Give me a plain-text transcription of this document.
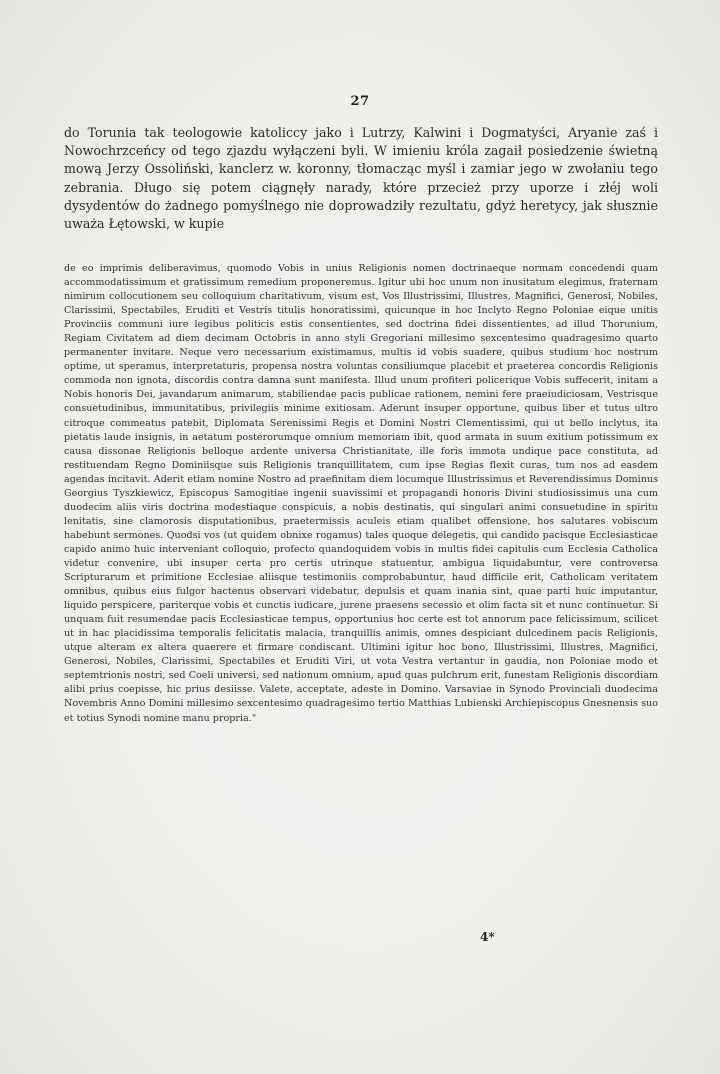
27

do Torunia tak teologowie katoliccy jako i Lutrzy, Kalwini i Dogmatyści, Aryanie zaś i Nowochrzceńcy od tego zjazdu wyłączeni byli. W imieniu króla zagaił posiedzenie świetną mową Jerzy Ossoliński, kanclerz w. koronny, tłomacząc myśl i zamiar jego w zwołaniu tego zebrania. Długo się potem ciągnęły narady, które przecież przy uporze i złéj woli dysydentów do żadnego pomyślnego nie doprowadziły rezultatu, gdyż heretycy, jak słusznie uważa Łętowski, w kupie

de eo imprimis deliberavimus, quomodo Vobis in unius Religionis nomen doctrinaeque normam concedendi quam accommodatissimum et gratissimum remedium proponeremus. Igitur ubi hoc unum non inusitatum elegimus, fraternam nimirum collocutionem seu colloquium charitativum, visum est, Vos Illustrissimi, Illustres, Magnifici, Generosi, Nobiles, Clarissimi, Spectabiles, Eruditi et Vestris titulis honoratissimi, quicunque in hoc Inclyto Regno Poloniae eique unitis Provinciis communi iure legibus politicis estis consentientes, sed doctrina fidei dissentientes, ad illud Thorunium, Regiam Civitatem ad diem decimam Octobris in anno styli Gregoriani millesimo sexcentesimo quadragesimo quarto permanenter invitare. Neque vero necessarium existimamus, multis id vobis suadere, quibus studium hoc nostrum optime, ut speramus, interpretaturis, propensa nostra voluntas consiliumque placebit et praeterea concordis Religionis commoda non ignota, discordis contra damna sunt manifesta. Illud unum profiteri policerique Vobis suffecerit, initam a Nobis honoris Dei, javandarum animarum, stabiliendae pacis publicae rationem, nemini fere praeiudiciosam, Vestrisque consuetudinibus, immunitatibus, privilegiis minime exitiosam. Aderunt insuper opportune, quibus liber et tutus ultro citroque commeatus patebit, Diplomata Serenissimi Regis et Domini Nostri Clementissimi, qui ut bello inclytus, ita pietatis laude insignis, in aetatum posterorumque omnium memoriam ibit, quod armata in suum exitium potissimum ex causa dissonae Religionis belloque ardente universa Christianitate, ille foris immota undique pace constituta, ad restituendam Regno Dominiisque suis Religionis tranquillitatem, cum ipse Regias flexit curas, tum nos ad easdem agendas incitavit. Aderit etiam nomine Nostro ad praefinitam diem locumque Illustrissimus et Reverendissimus Dominus Georgius Tyszkiewicz, Episcopus Samogitiae ingenii suavissimi et propagandi honoris Divini studiosissimus una cum duodecim aliis viris doctrina modestiaque conspicuis, a nobis destinatis, qui singulari animi consuetudine in spiritu lenitatis, sine clamorosis disputationibus, praetermissis aculeis etiam qualibet offensione, hos salutares vobiscum habebunt sermones. Quodsi vos (ut quidem obnixe rogamus) tales quoque delegetis, qui candido pacisque Ecclesiasticae capido animo huic interveniant colloquio, profecto quandoquidem vobis in multis fidei capitulis cum Ecclesia Catholica videtur convenire, ubi insuper certa pro certis utrinque statuentur, ambigua liquidabuntur, vere controversa Scripturarum et primitione Ecclesiae aliisque testimoniis comprobabuntur, haud difficile erit, Catholicam veritatem omnibus, quibus eius fulgor hactenus observari videbatur, depulsis et quam inania sint, quae parti huic imputantur, liquido perspicere, pariterque vobis et cunctis iudicare, jurene praesens secessio et olim facta sit et nunc continuetur. Si unquam fuit resumendae pacis Ecclesiasticae tempus, opportunius hoc certe est tot annorum pace felicissimum, scilicet ut in hac placidissima temporalis felicitatis malacia, tranquillis animis, omnes despiciant dulcedinem pacis Religionis, utque alteram ex altera quaerere et firmare condiscant. Ultimini igitur hoc bono, Illustrissimi, Illustres, Magnifici, Generosi, Nobiles, Clarissimi, Spectabiles et Eruditi Viri, ut vota Vestra vertantur in gaudia, non Poloniae modo et septemtrionis nostri, sed Coeli universi, sed nationum omnium, apud quas pulchrum erit, funestam Religionis discordiam alibi prius coepisse, hic prius desiisse. Valete, acceptate, adeste in Domino. Varsaviae in Synodo Provinciali duodecima Novembris Anno Domini millesimo sexcentesimo quadragesimo tertio Matthias Lubienski Archiepiscopus Gnesnensis suo et totius Synodi nomine manu propria."

4*
